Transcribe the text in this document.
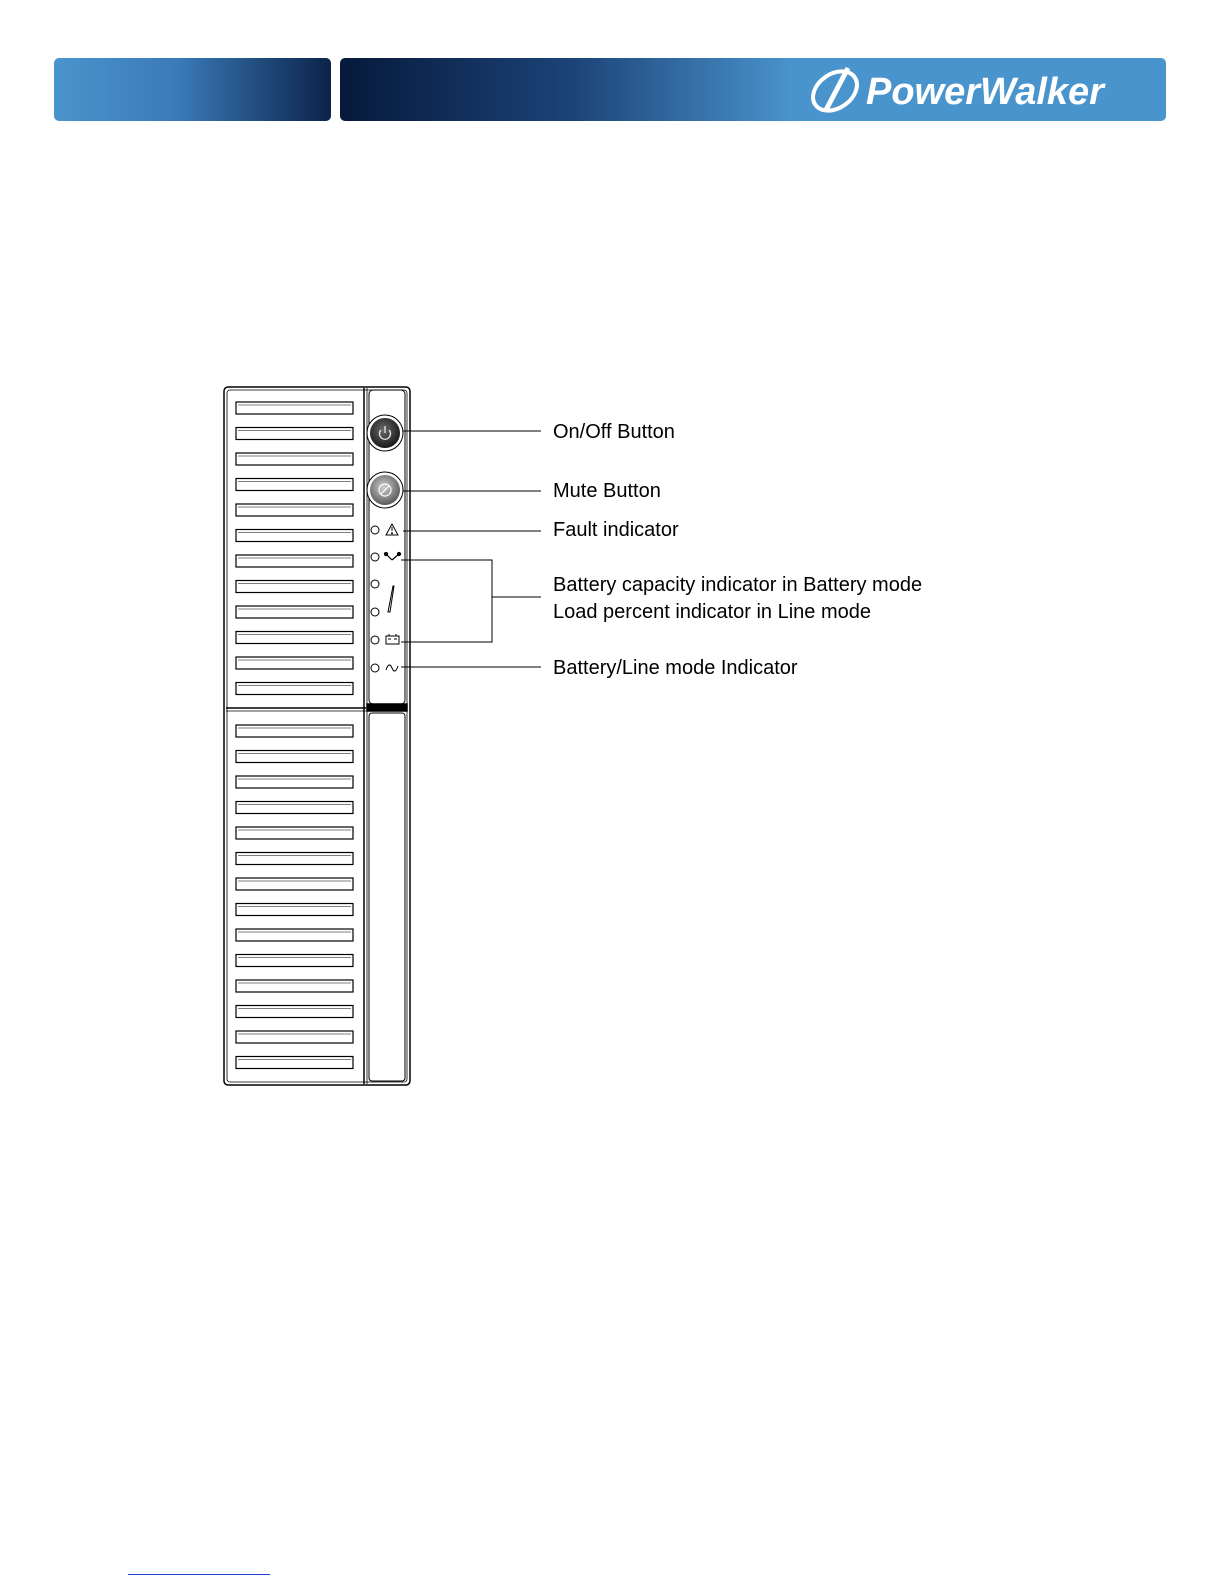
PowerWalker
On/Off Button
Mute Button
Fault indicator
Battery capacity indicator in Battery mode
Load percent indicator in Line mode
Battery/Line mode Indicator
